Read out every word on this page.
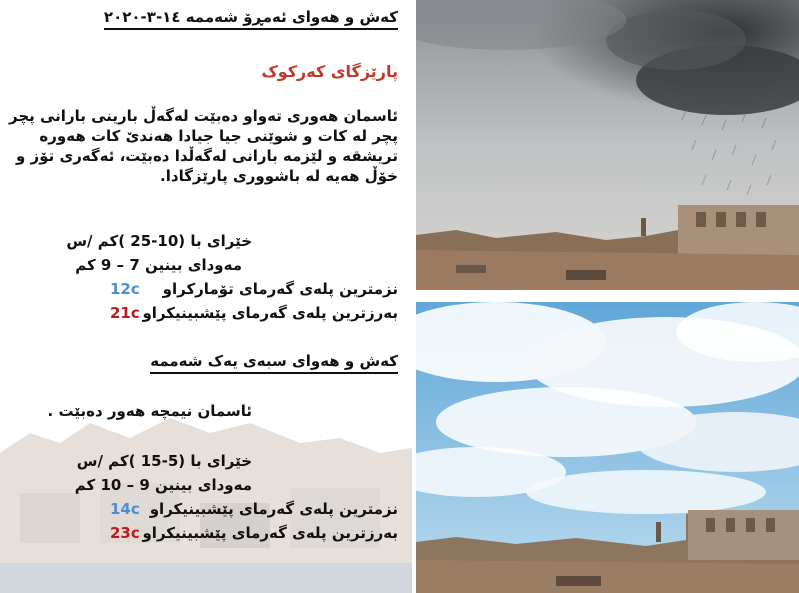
کەش و هەوای ئەمڕۆ شەممە ١٤-٣-٢٠٢٠
پارێزگای کەرکوک
ئاسمان هەوری تەواو دەبێت لەگەڵ بارینی بارانی پچر پچر لە کات و شوێنی جیا جیادا هەندێ کات هەورە تریشقە و لێزمە بارانی لەگەڵدا دەبێت، ئەگەری تۆز و خۆڵ هەیە لە باشووری پارێزگادا.
خێرای با (10-25 )کم /س
مەودای بینین 7 – 9 کم
نزمترین پلەی گەرمای تۆمارکراو
12c
بەرزترین پلەی گەرمای پێشبینیکراو
21c
کەش و هەوای سبەی یەک شەممە
ئاسمان نیمچە هەور دەبێت .
خێرای با (5-15 )کم /س
مەودای بینین 9 – 10 کم
نزمترین پلەی گەرمای پێشبینیکراو
14c
بەرزترین پلەی گەرمای پێشبینیکراو
23c
